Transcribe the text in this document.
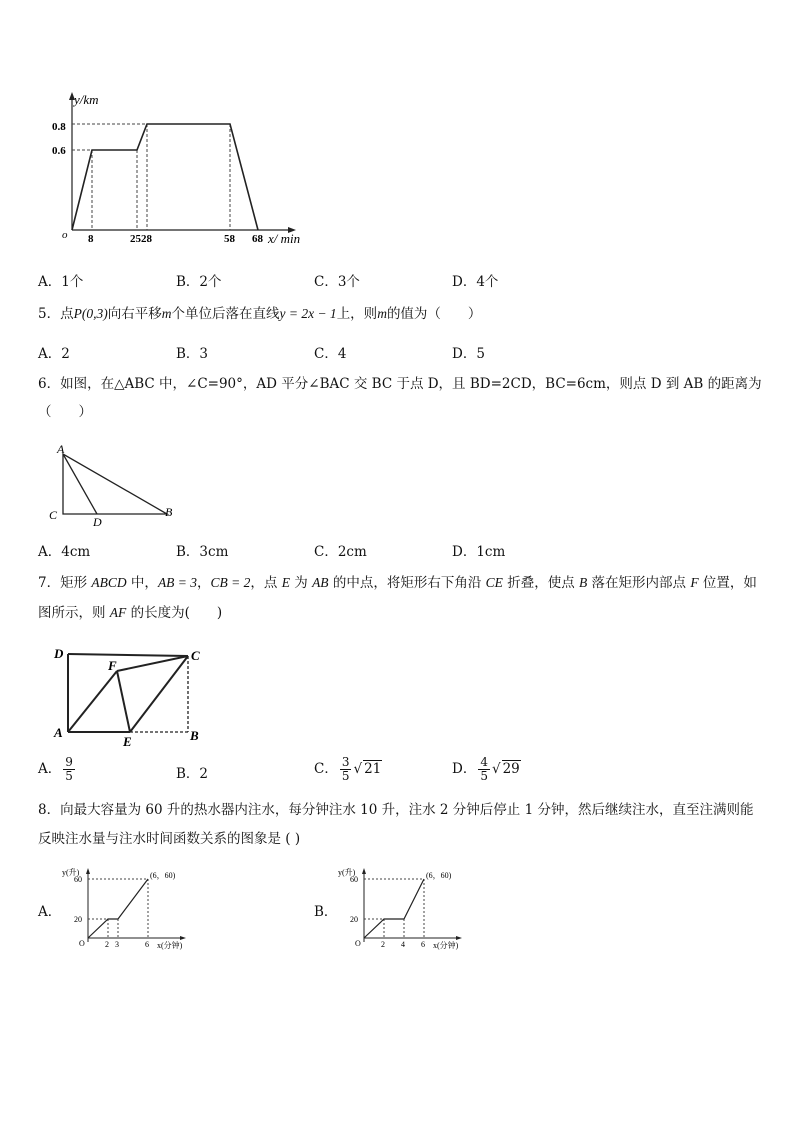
y/km
x/ min
o
0.8
0.6
8	2528	58 68
A．1个	B．2个	C．3个	D．4个
5．点P(0,3)向右平移m个单位后落在直线y = 2x − 1上，则m的值为（　　）
A．2	B．3	C．4	D．5
6．如图，在△ABC 中，∠C=90°，AD 平分∠BAC 交 BC 于点 D，且 BD=2CD，BC=6cm，则点 D 到 AB 的距离为（　　）
A
C	D
B
A．4cm	B．3cm	C．2cm	D．1cm
7．矩形 ABCD 中，AB = 3，CB = 2，点 E 为 AB 的中点，将矩形右下角沿 CE 折叠，使点 B 落在矩形内部点 F 位置，如图所示，则 AF 的长度为(　　)
D	C
F
A
E	B
A． $\frac{9}{5}$	B．2	C． $\frac{3}{5}$ √ 21	D． $\frac{4}{5}$ √ 29
8．向最大容量为 60 升的热水器内注水，每分钟注水 10 升，注水 2 分钟后停止 1 分钟，然后继续注水，直至注满则能反映注水量与注水时间函数关系的图象是 ( )
A．
y(升)
x(分钟)
O
60
20
(6，60)
2 3	6
B．
y(升)
x(分钟)
O
60
20
(6，60)
2 4 6
